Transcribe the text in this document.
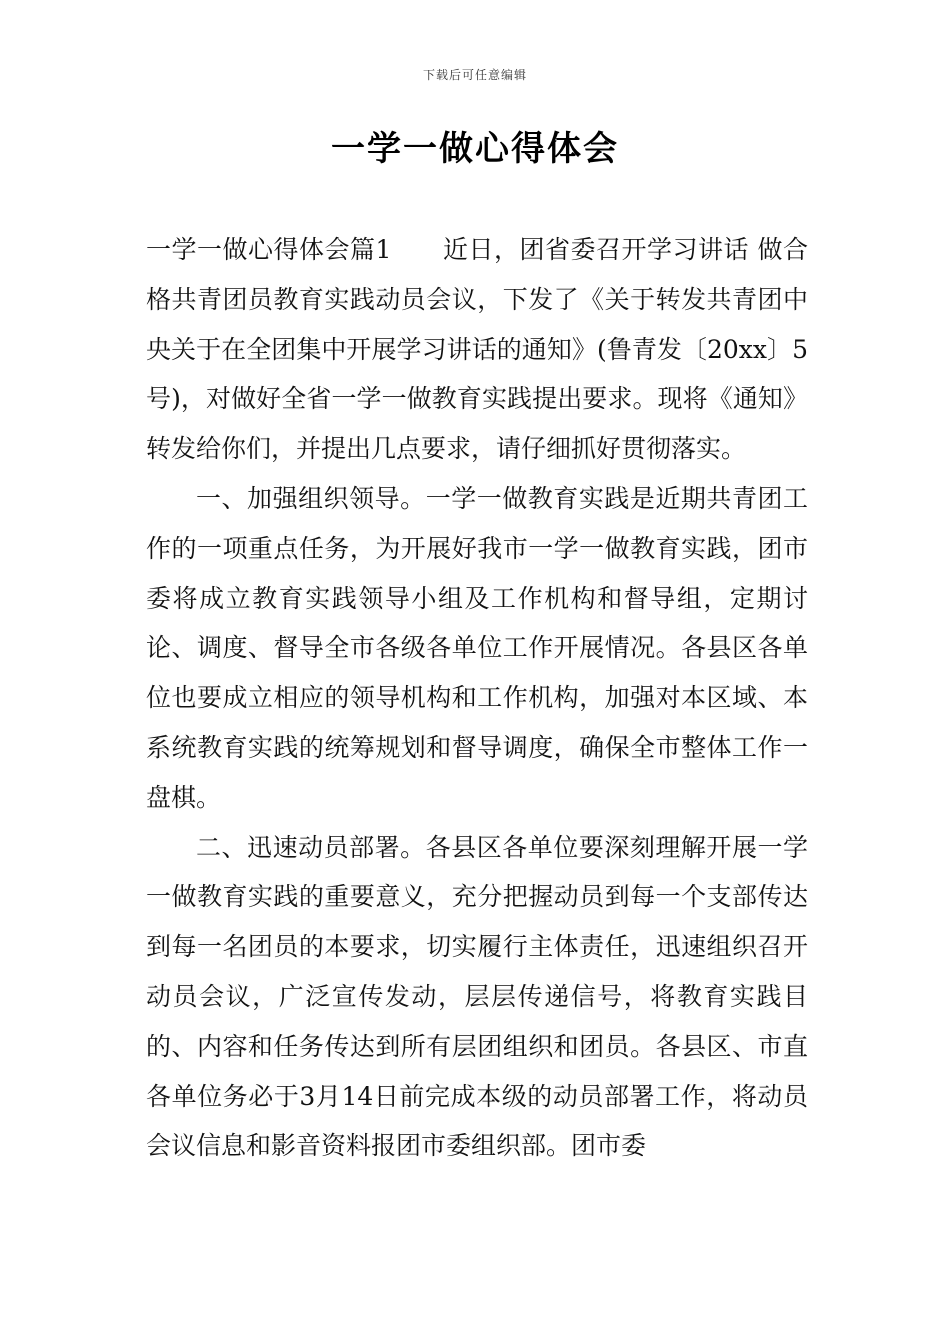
下载后可任意编辑
一学一做心得体会

一学一做心得体会篇1　　近日，团省委召开学习讲话 做合格共青团员教育实践动员会议，下发了《关于转发共青团中央关于在全团集中开展学习讲话的通知》(鲁青发〔20xx〕5号)，对做好全省一学一做教育实践提出要求。现将《通知》转发给你们，并提出几点要求，请仔细抓好贯彻落实。

一、加强组织领导。一学一做教育实践是近期共青团工作的一项重点任务，为开展好我市一学一做教育实践，团市委将成立教育实践领导小组及工作机构和督导组，定期讨论、调度、督导全市各级各单位工作开展情况。各县区各单位也要成立相应的领导机构和工作机构，加强对本区域、本系统教育实践的统筹规划和督导调度，确保全市整体工作一盘棋。

二、迅速动员部署。各县区各单位要深刻理解开展一学一做教育实践的重要意义，充分把握动员到每一个支部传达到每一名团员的本要求，切实履行主体责任，迅速组织召开动员会议，广泛宣传发动，层层传递信号，将教育实践目的、内容和任务传达到所有层团组织和团员。各县区、市直各单位务必于3月14日前完成本级的动员部署工作，将动员会议信息和影音资料报团市委组织部。团市委
